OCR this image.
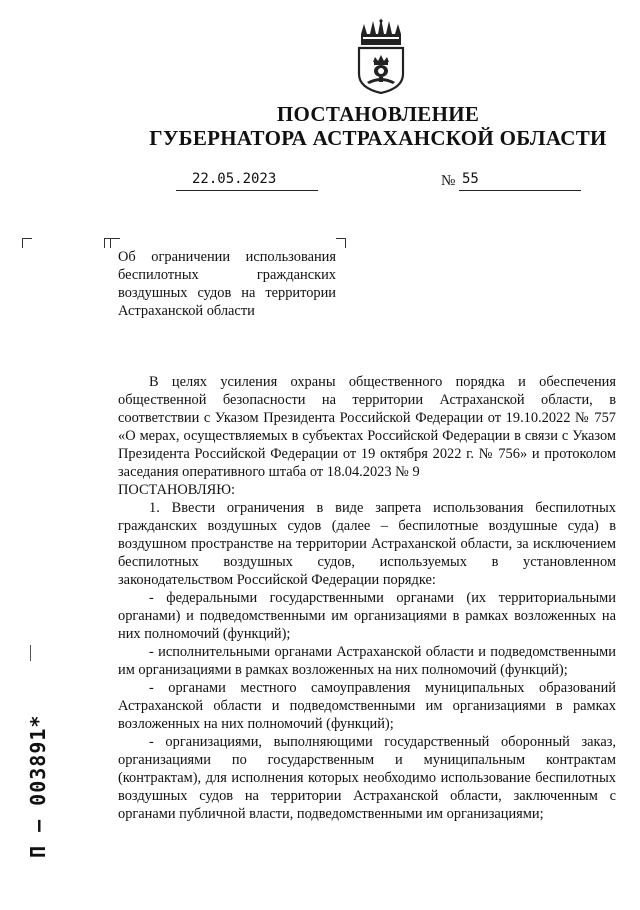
ПОСТАНОВЛЕНИЕ
ГУБЕРНАТОРА АСТРАХАНСКОЙ ОБЛАСТИ
22.05.2023	№ 55
Об ограничении использования беспилотных гражданских воздушных судов на территории Астраханской области

В целях усиления охраны общественного порядка и обеспечения общественной безопасности на территории Астраханской области, в соответствии с Указом Президента Российской Федерации от 19.10.2022 № 757 «О мерах, осуществляемых в субъектах Российской Федерации в связи с Указом Президента Российской Федерации от 19 октября 2022 г. № 756» и протоколом заседания оперативного штаба от 18.04.2023 № 9

ПОСТАНОВЛЯЮ:

1. Ввести ограничения в виде запрета использования беспилотных гражданских воздушных судов (далее – беспилотные воздушные суда) в воздушном пространстве на территории Астраханской области, за исключением беспилотных воздушных судов, используемых в установленном законодательством Российской Федерации порядке:

- федеральными государственными органами (их территориальными органами) и подведомственными им организациями в рамках возложенных на них полномочий (функций);

- исполнительными органами Астраханской области и подведомственными им организациями в рамках возложенных на них полномочий (функций);

- органами местного самоуправления муниципальных образований Астраханской области и подведомственными им организациями в рамках возложенных на них полномочий (функций);

- организациями, выполняющими государственный оборонный заказ, организациями по государственным и муниципальным контрактам (контрактам), для исполнения которых необходимо использование беспилотных воздушных судов на территории Астраханской области, заключенным с органами публичной власти, подведомственными им организациями;

П – 003891*
